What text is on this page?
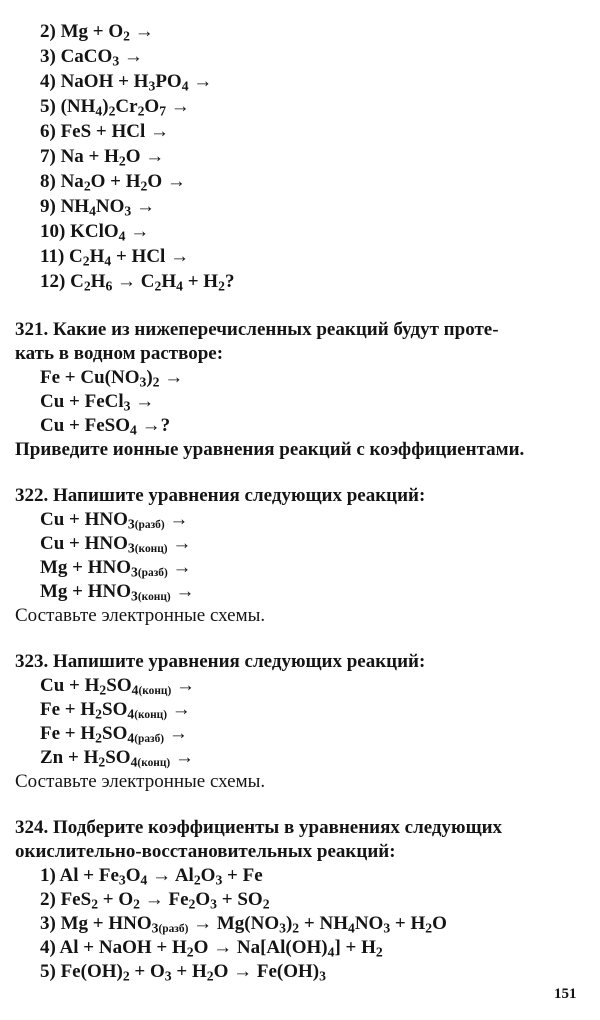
2) $Mg + O_2$ →
3) CaCO$_3$ →
4) NaOH + $H_3PO_4$ →
5) $(NH_4)_2Cr_2O_7$ →
6) FeS + HCl →
7) $Na + H_2O$ →
8) $Na_2O + H_2O$ →
9) $NH_4NO_3$ →
10) KClO$_4$ →
11) $C_2H_4$ + HCl →
12) $C_2H_6 \to C_2H_4 + H_2$?
321. Какие из нижеперечисленных реакций будут проте-
кать в водном растворе:
$Fe + Cu(NO_3)_2$ →
Cu + FeCl$_3$ →
Cu + FeSO$_4$ →?
Приведите ионные уравнения реакций с коэффициентами.
322. Напишите уравнения следующих реакций:
$Cu + HNO_{3(разб)}$ →
$Cu + HNO_{3(конц)}$ →
$Mg + HNO_{3(разб)}$ →
$Mg + HNO_{3(конц)}$ →
Составьте электронные схемы.
323. Напишите уравнения следующих реакций:
$Cu + H_2SO_{4(конц)}$ →
$Fe + H_2SO_{4(конц)}$ →
$Fe + H_2SO_{4(разб)}$ →
$Zn + H_2SO_{4(конц)}$ →
Составьте электронные схемы.
324. Подберите коэффициенты в уравнениях следующих
окислительно-восстановительных реакций:
1) $Al + Fe_3O_4 \to Al_2O_3 + Fe$
2) $FeS_2 + O_2 \to Fe_2O_3 + SO_2$
3) $Mg + HNO_{3(разб)} \to Mg(NO_3)_2 + NH_4NO_3 + H_2O$
4) Al + NaOH + $H_2O \to Na[Al(OH)_4] + H_2$
5) $Fe(OH)_2 + O_3 + H_2O \to Fe(OH)_3$
151
